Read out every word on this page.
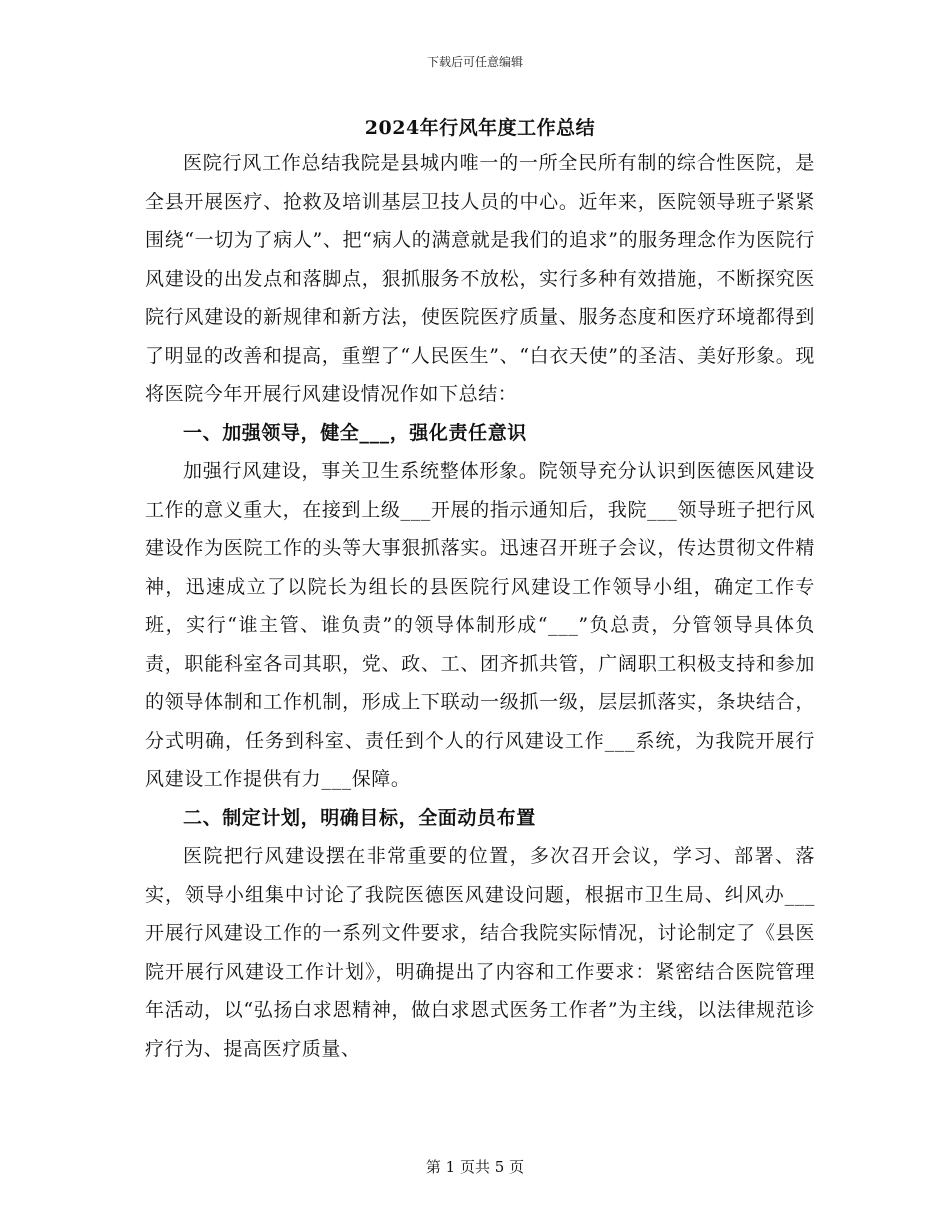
下载后可任意编辑
2024年行风年度工作总结

医院行风工作总结我院是县城内唯一的一所全民所有制的综合性医院，是全县开展医疗、抢救及培训基层卫技人员的中心。近年来，医院领导班子紧紧围绕“一切为了病人”、把“病人的满意就是我们的追求”的服务理念作为医院行风建设的出发点和落脚点，狠抓服务不放松，实行多种有效措施，不断探究医院行风建设的新规律和新方法，使医院医疗质量、服务态度和医疗环境都得到了明显的改善和提高，重塑了“人民医生”、“白衣天使”的圣洁、美好形象。现将医院今年开展行风建设情况作如下总结：

一、加强领导，健全___，强化责任意识

加强行风建设，事关卫生系统整体形象。院领导充分认识到医德医风建设工作的意义重大，在接到上级___开展的指示通知后，我院___领导班子把行风建设作为医院工作的头等大事狠抓落实。迅速召开班子会议，传达贯彻文件精神，迅速成立了以院长为组长的县医院行风建设工作领导小组，确定工作专班，实行“谁主管、谁负责”的领导体制形成“___”负总责，分管领导具体负责，职能科室各司其职，党、政、工、团齐抓共管，广阔职工积极支持和参加的领导体制和工作机制，形成上下联动一级抓一级，层层抓落实，条块结合，分式明确，任务到科室、责任到个人的行风建设工作___系统，为我院开展行风建设工作提供有力___保障。

二、制定计划，明确目标，全面动员布置

医院把行风建设摆在非常重要的位置，多次召开会议，学习、部署、落实，领导小组集中讨论了我院医德医风建设问题，根据市卫生局、纠风办___开展行风建设工作的一系列文件要求，结合我院实际情况，讨论制定了《县医院开展行风建设工作计划》，明确提出了内容和工作要求：紧密结合医院管理年活动，以“弘扬白求恩精神，做白求恩式医务工作者”为主线，以法律规范诊疗行为、提高医疗质量、

第 1 页共 5 页
